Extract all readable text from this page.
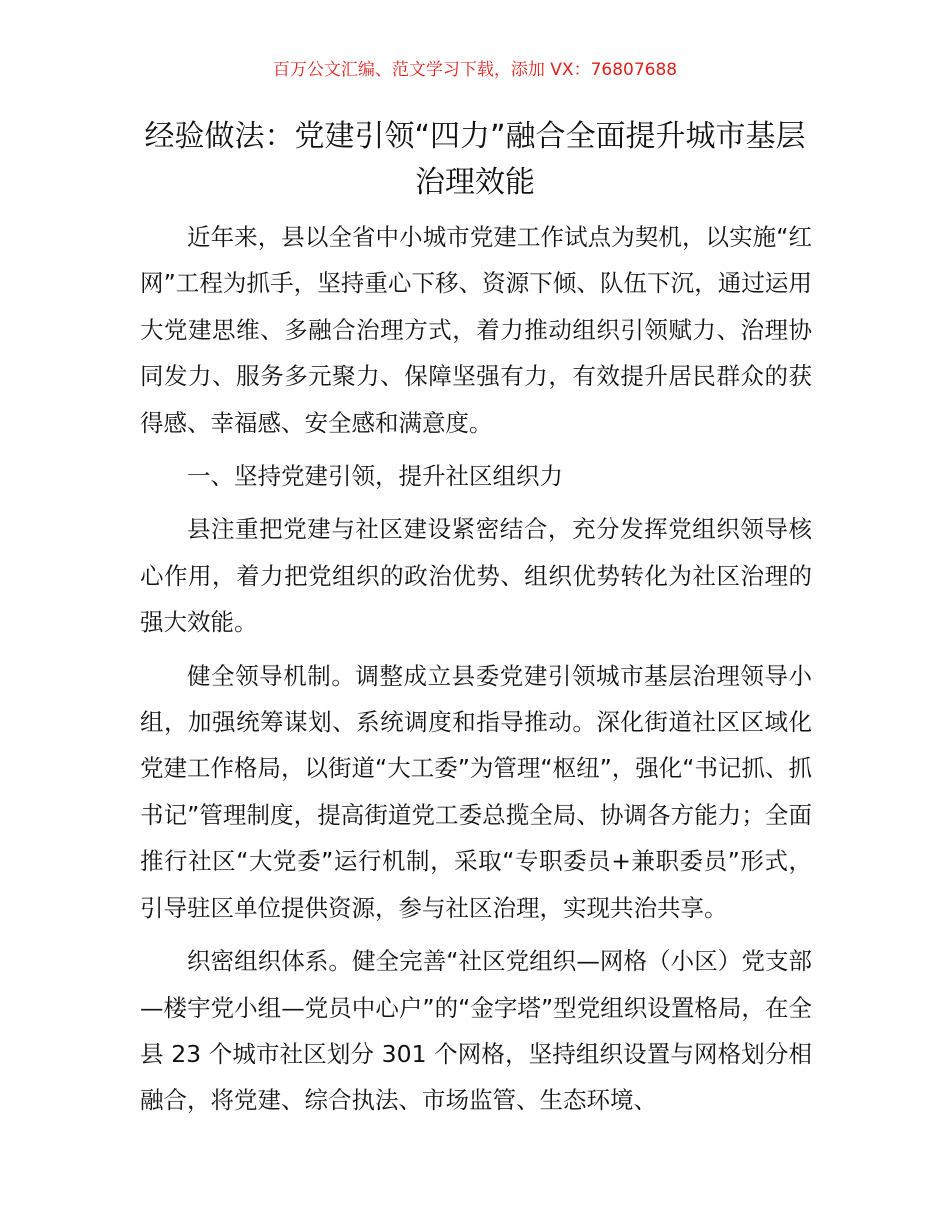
百万公文汇编、范文学习下载，添加 VX：76807688
经验做法：党建引领“四力”融合全面提升城市基层治理效能

近年来，县以全省中小城市党建工作试点为契机，以实施“红网”工程为抓手，坚持重心下移、资源下倾、队伍下沉，通过运用大党建思维、多融合治理方式，着力推动组织引领赋力、治理协同发力、服务多元聚力、保障坚强有力，有效提升居民群众的获得感、幸福感、安全感和满意度。

一、坚持党建引领，提升社区组织力

县注重把党建与社区建设紧密结合，充分发挥党组织领导核心作用，着力把党组织的政治优势、组织优势转化为社区治理的强大效能。

健全领导机制。调整成立县委党建引领城市基层治理领导小组，加强统筹谋划、系统调度和指导推动。深化街道社区区域化党建工作格局，以街道“大工委”为管理“枢纽”，强化“书记抓、抓书记”管理制度，提高街道党工委总揽全局、协调各方能力；全面推行社区“大党委”运行机制，采取“专职委员+兼职委员”形式，引导驻区单位提供资源，参与社区治理，实现共治共享。

织密组织体系。健全完善“社区党组织—网格（小区）党支部—楼宇党小组—党员中心户”的“金字塔”型党组织设置格局，在全县 23 个城市社区划分 301 个网格，坚持组织设置与网格划分相融合，将党建、综合执法、市场监管、生态环境、
